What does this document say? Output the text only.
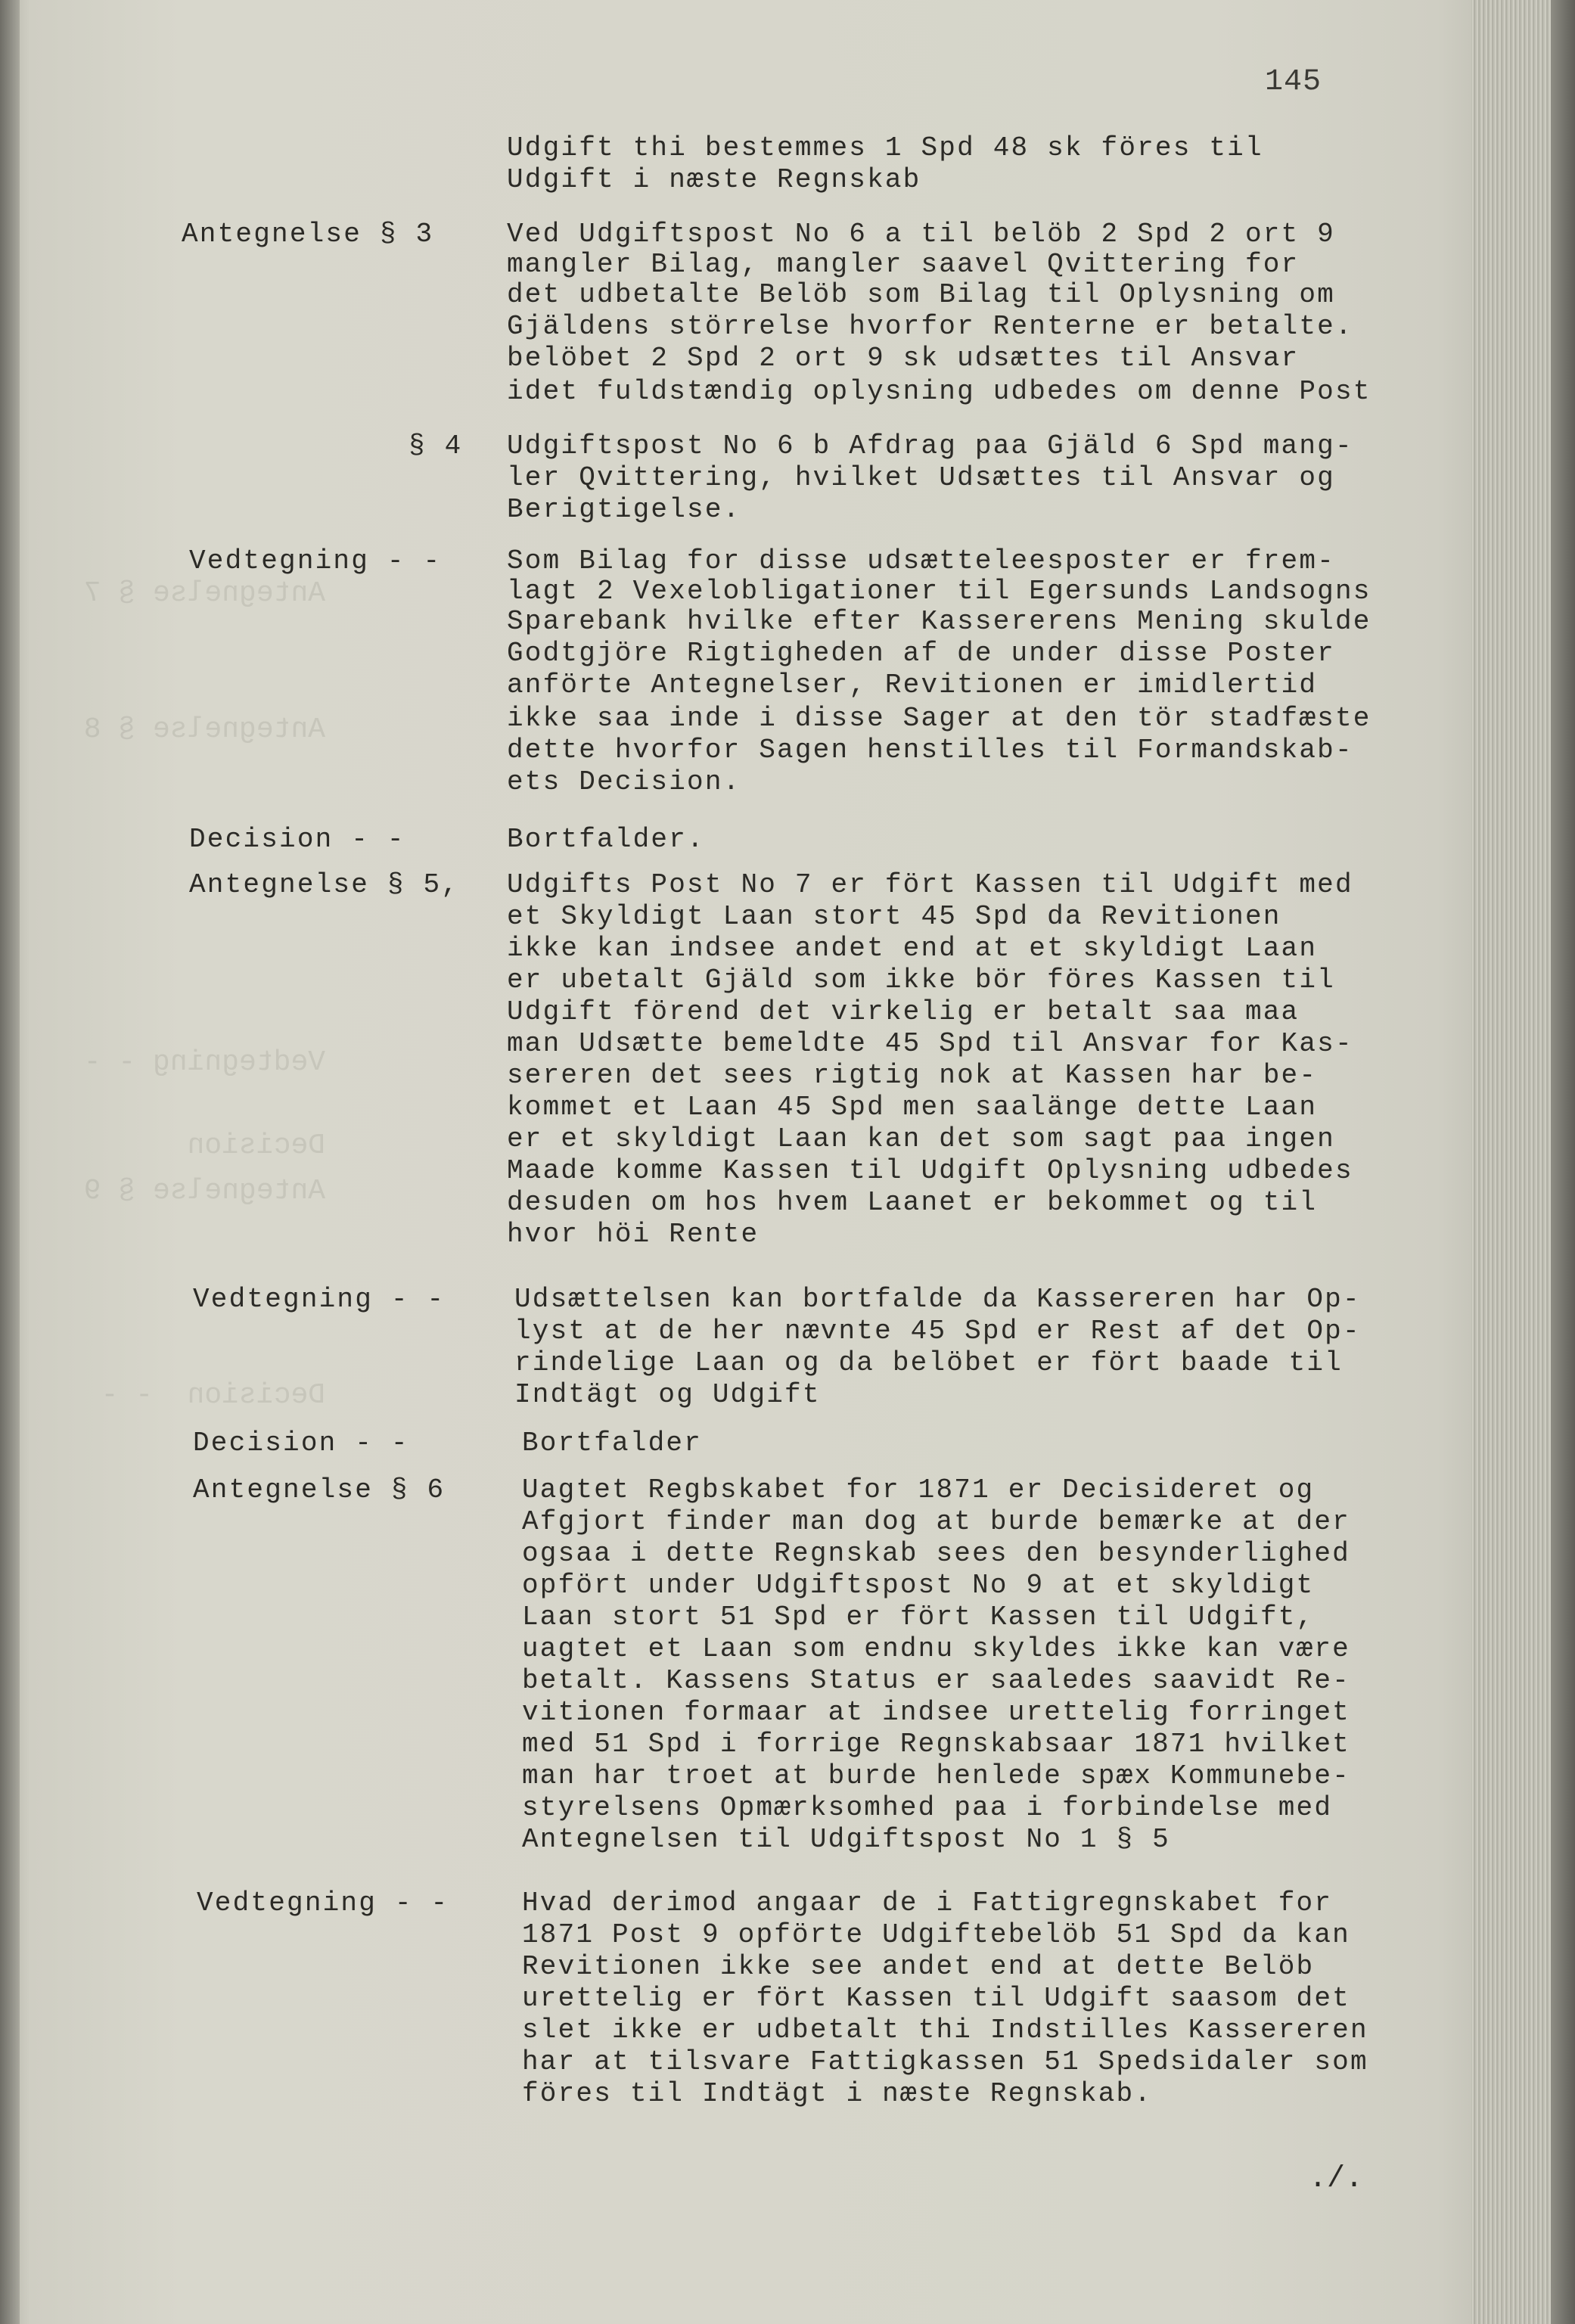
145
Antegnelse § 3
§ 4
Vedtegning - -
Decision - -
Antegnelse § 5,
Vedtegning - -
Decision - -
Antegnelse § 6
Vedtegning - -
Udgift thi bestemmes 1 Spd 48 sk föres til
Udgift i næste Regnskab
Ved Udgiftspost No 6 a til belöb 2 Spd 2 ort 9
mangler Bilag, mangler saavel Qvittering for
det udbetalte Belöb som Bilag til Oplysning om
Gjäldens störrelse hvorfor Renterne er betalte.
belöbet 2 Spd 2 ort 9 sk udsættes til Ansvar
idet fuldstændig oplysning udbedes om denne Post
Udgiftspost No 6 b Afdrag paa Gjäld 6 Spd mang-
ler Qvittering, hvilket Udsættes til Ansvar og
Berigtigelse.
Som Bilag for disse udsætteleesposter er frem-
lagt 2 Vexelobligationer til Egersunds Landsogns
Sparebank hvilke efter Kassererens Mening skulde
Godtgjöre Rigtigheden af de under disse Poster
anförte Antegnelser, Revitionen er imidlertid
ikke saa inde i disse Sager at den tör stadfæste
dette hvorfor Sagen henstilles til Formandskab-
ets Decision.
Bortfalder.
Udgifts Post No 7 er fört Kassen til Udgift med
et Skyldigt Laan stort 45 Spd da Revitionen
ikke kan indsee andet end at et skyldigt Laan
er ubetalt Gjäld som ikke bör föres Kassen til
Udgift förend det virkelig er betalt saa maa
man Udsætte bemeldte 45 Spd til Ansvar for Kas-
sereren det sees rigtig nok at Kassen har be-
kommet et Laan 45 Spd men saalänge dette Laan
er et skyldigt Laan kan det som sagt paa ingen
Maade komme Kassen til Udgift Oplysning udbedes
desuden om hos hvem Laanet er bekommet og til
hvor höi Rente
Udsættelsen kan bortfalde da Kassereren har Op-
lyst at de her nævnte 45 Spd er Rest af det Op-
rindelige Laan og da belöbet er fört baade til
Indtägt og Udgift
Bortfalder
Uagtet Regbskabet for 1871 er Decisideret og
Afgjort finder man dog at burde bemærke at der
ogsaa i dette Regnskab sees den besynderlighed
opfört under Udgiftspost No 9 at et skyldigt
Laan stort 51 Spd er fört Kassen til Udgift,
uagtet et Laan som endnu skyldes ikke kan være
betalt. Kassens Status er saaledes saavidt Re-
vitionen formaar at indsee urettelig forringet
med 51 Spd i forrige Regnskabsaar 1871 hvilket
man har troet at burde henlede spæx Kommunebe-
styrelsens Opmærksomhed paa i forbindelse med
Antegnelsen til Udgiftspost No 1 § 5
Hvad derimod angaar de i Fattigregnskabet for
1871 Post 9 opförte Udgiftebelöb 51 Spd da kan
Revitionen ikke see andet end at dette Belöb
urettelig er fört Kassen til Udgift saasom det
slet ikke er udbetalt thi Indstilles Kassereren
har at tilsvare Fattigkassen 51 Spedsidaler som
föres til Indtägt i næste Regnskab.
./.
